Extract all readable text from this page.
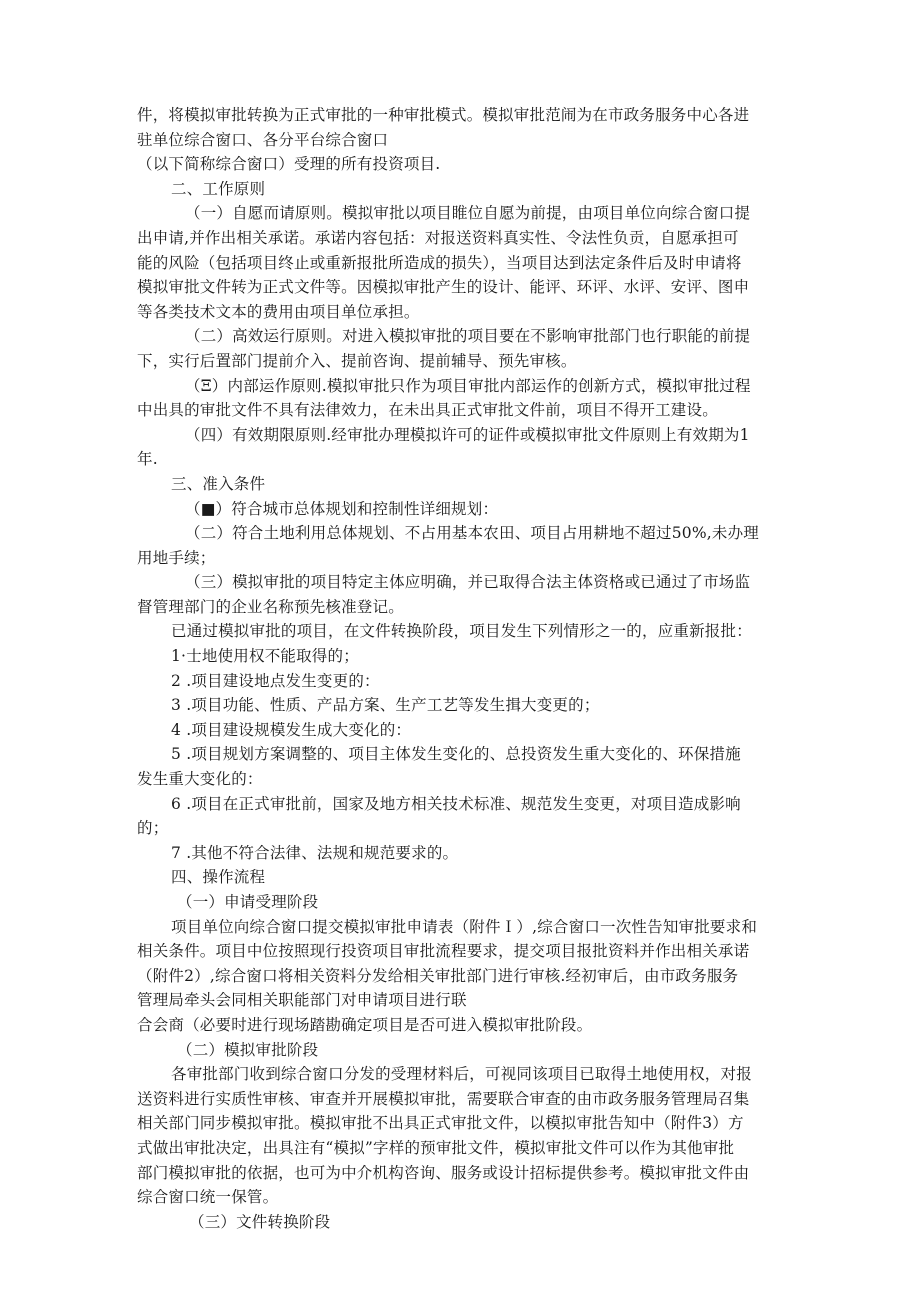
件，将模拟审批转换为正式审批的一种审批模式。模拟审批范闹为在市政务服务中心各进
驻单位综合窗口、各分平台综合窗口
（以下简称综合窗口）受理的所有投资项目.
二、工作原则
（一）自愿而请原则。模拟审批以项目睢位自愿为前提，由项目单位向综合窗口提
出申请,并作出相关承诺。承诺内容包括：对报送资料真实性、令法性负贡，自愿承担可
能的风险（包括项目终止或重新报批所造成的损失），当项目达到法定条件后及时申请将
模拟审批文件转为正式文件等。因模拟审批产生的设计、能评、环评、水评、安评、图申
等各类技术文本的费用由项目单位承担。
（二）高效运行原则。对进入模拟审批的项目要在不影响审批部门也行职能的前提
下，实行后置部门提前介入、提前咨询、提前辅导、预先审核。
（Ξ）内部运作原则.模拟审批只作为项目审批内部运作的创新方式，模拟审批过程
中出具的审批文件不具有法律效力，在未出具正式审批文件前，项目不得开工建设。
（四）有效期限原则.经审批办理模拟许可的证件或模拟审批文件原则上有效期为1
年.
三、准入条件
（■）符合城市总体规划和控制性详细规划：
（二）符合土地利用总体规划、不占用基本农田、项目占用耕地不超过50%,未办理
用地手续；
（三）模拟审批的项目特定主体应明确，并已取得合法主体资格或已通过了市场监
督管理部门的企业名称预先核准登记。
已通过模拟审批的项目，在文件转换阶段，项目发生下列情形之一的，应重新报批：
1·士地使用权不能取得的；
2 .项目建设地点发生变更的：
3 .项目功能、性质、产品方案、生产工艺等发生揖大变更的；
4 .项目建设规模发生成大变化的：
5 .项目规划方案调整的、项目主体发生变化的、总投资发生重大变化的、环保措施
发生重大变化的：
6 .项目在正式审批前，国家及地方相关技术标准、规范发生变更，对项目造成影响
的；
7 .其他不符合法律、法规和规范要求的。
四、操作流程
（一）申请受理阶段
项目单位向综合窗口提交模拟审批申请表（附件Ｉ）,综合窗口一次性告知审批要求和
相关条件。项目中位按照现行投资项目审批流程要求，提交项目报批资料并作出相关承诺
（附件2）,综合窗口将相关资料分发给相关审批部门进行审核.经初审后，由市政务服务
管理局牵头会同相关职能部门对申请项目进行联
合会商（必要时进行现场踏勘确定项目是否可进入模拟审批阶段。
（二）模拟审批阶段
各审批部门收到综合窗口分发的受理材料后，可视同该项目已取得土地使用权，对报
送资料进行实质性审核、审查并开展模拟审批，需要联合审查的由市政务服务管理局召集
相关部门同步模拟审批。模拟审批不出具正式审批文件，以模拟审批告知中（附件3）方
式做出审批决定，出具注有“模拟”字样的预审批文件，模拟审批文件可以作为其他审批
部门模拟审批的依据，也可为中介机构咨询、服务或设计招标提供参考。模拟审批文件由
综合窗口统一保管。
（三）文件转换阶段
